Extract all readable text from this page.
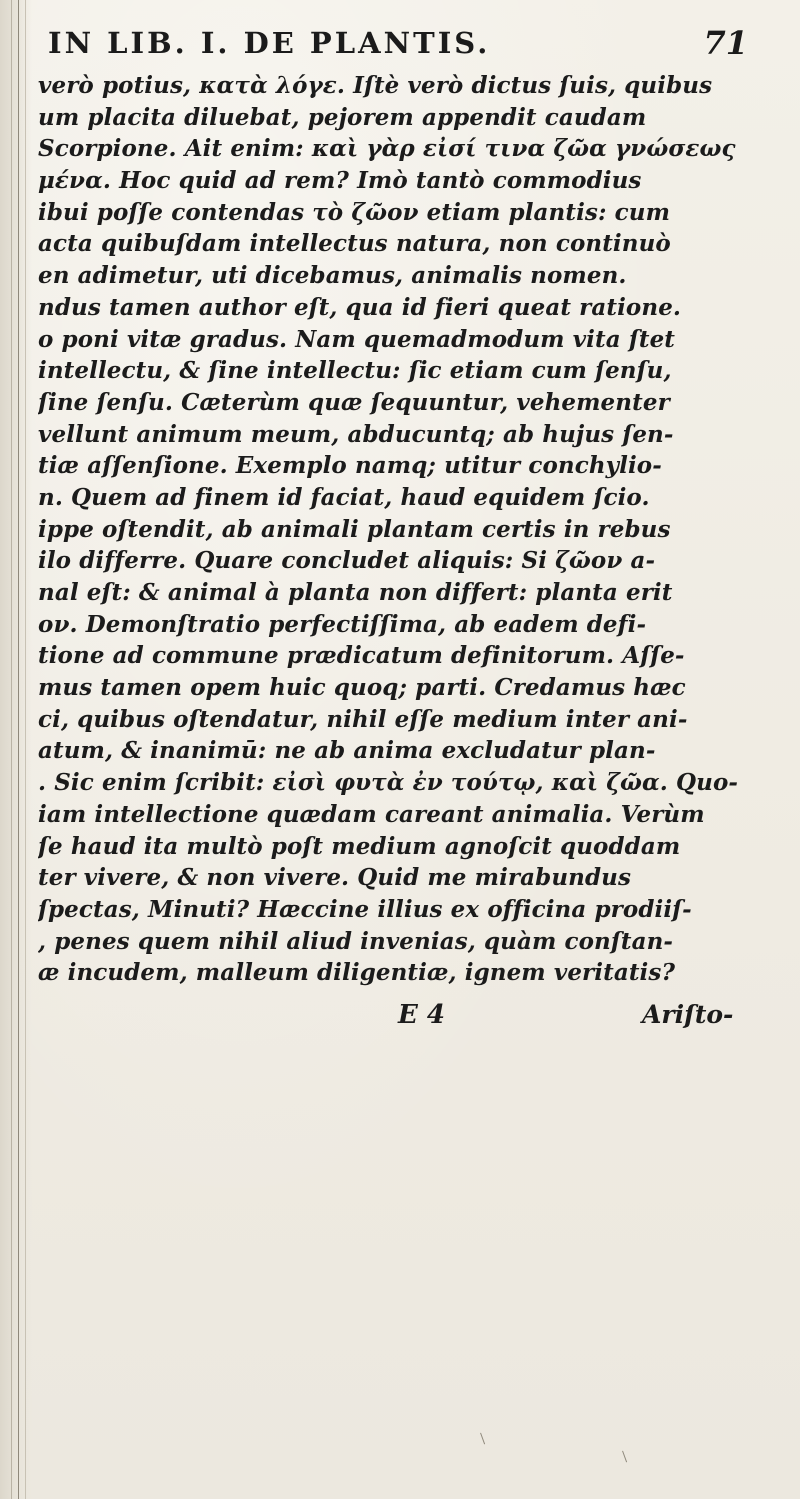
IN LIB. I. DE PLANTIS.	71
verò potius, κατὰ λόγε. Iſtè verò dictus ſuis, quibus
um placita diluebat, pejorem appendit caudam
Scorpione. Ait enim: καὶ γὰρ εἰσί τινα ζῶα γνώσεως
μένα. Hoc quid ad rem? Imò tantò commodius
ibui poſſe contendas τὸ ζῶον etiam plantis: cum
acta quibuſdam intellectus natura, non continuò
en adimetur, uti dicebamus, animalis nomen.
ndus tamen author eſt, qua id fieri queat ratione.
o poni vitæ gradus. Nam quemadmodum vita ſtet
intellectu, & ſine intellectu: ſic etiam cum ſenſu,
ſine ſenſu. Cæterùm quæ ſequuntur, vehementer
vellunt animum meum, abducuntq; ab hujus ſen-
tiæ aſſenſione. Exemplo namq; utitur conchylio-
n. Quem ad finem id faciat, haud equidem ſcio.
ippe oſtendit, ab animali plantam certis in rebus
ilo differre. Quare concludet aliquis: Si ζῶον a-
nal eſt: & animal à planta non differt: planta erit
ον. Demonſtratio perfectiſſima, ab eadem defi-
tione ad commune prædicatum definitorum. Aſſe-
mus tamen opem huic quoq; parti. Credamus hæc
ci, quibus oſtendatur, nihil eſſe medium inter ani-
atum, & inanimū: ne ab anima excludatur plan-
. Sic enim ſcribit: εἰσὶ φυτὰ ἐν τούτῳ, καὶ ζῶα. Quo-
iam intellectione quædam careant animalia. Verùm
ſe haud ita multò poſt medium agnoſcit quoddam
ter vivere, & non vivere. Quid me mirabundus
ſpectas, Minuti? Hæccine illius ex officina prodiiſ-
, penes quem nihil aliud invenias, quàm conſtan-
æ incudem, malleum diligentiæ, ignem veritatis?
E 4	Ariſto-
